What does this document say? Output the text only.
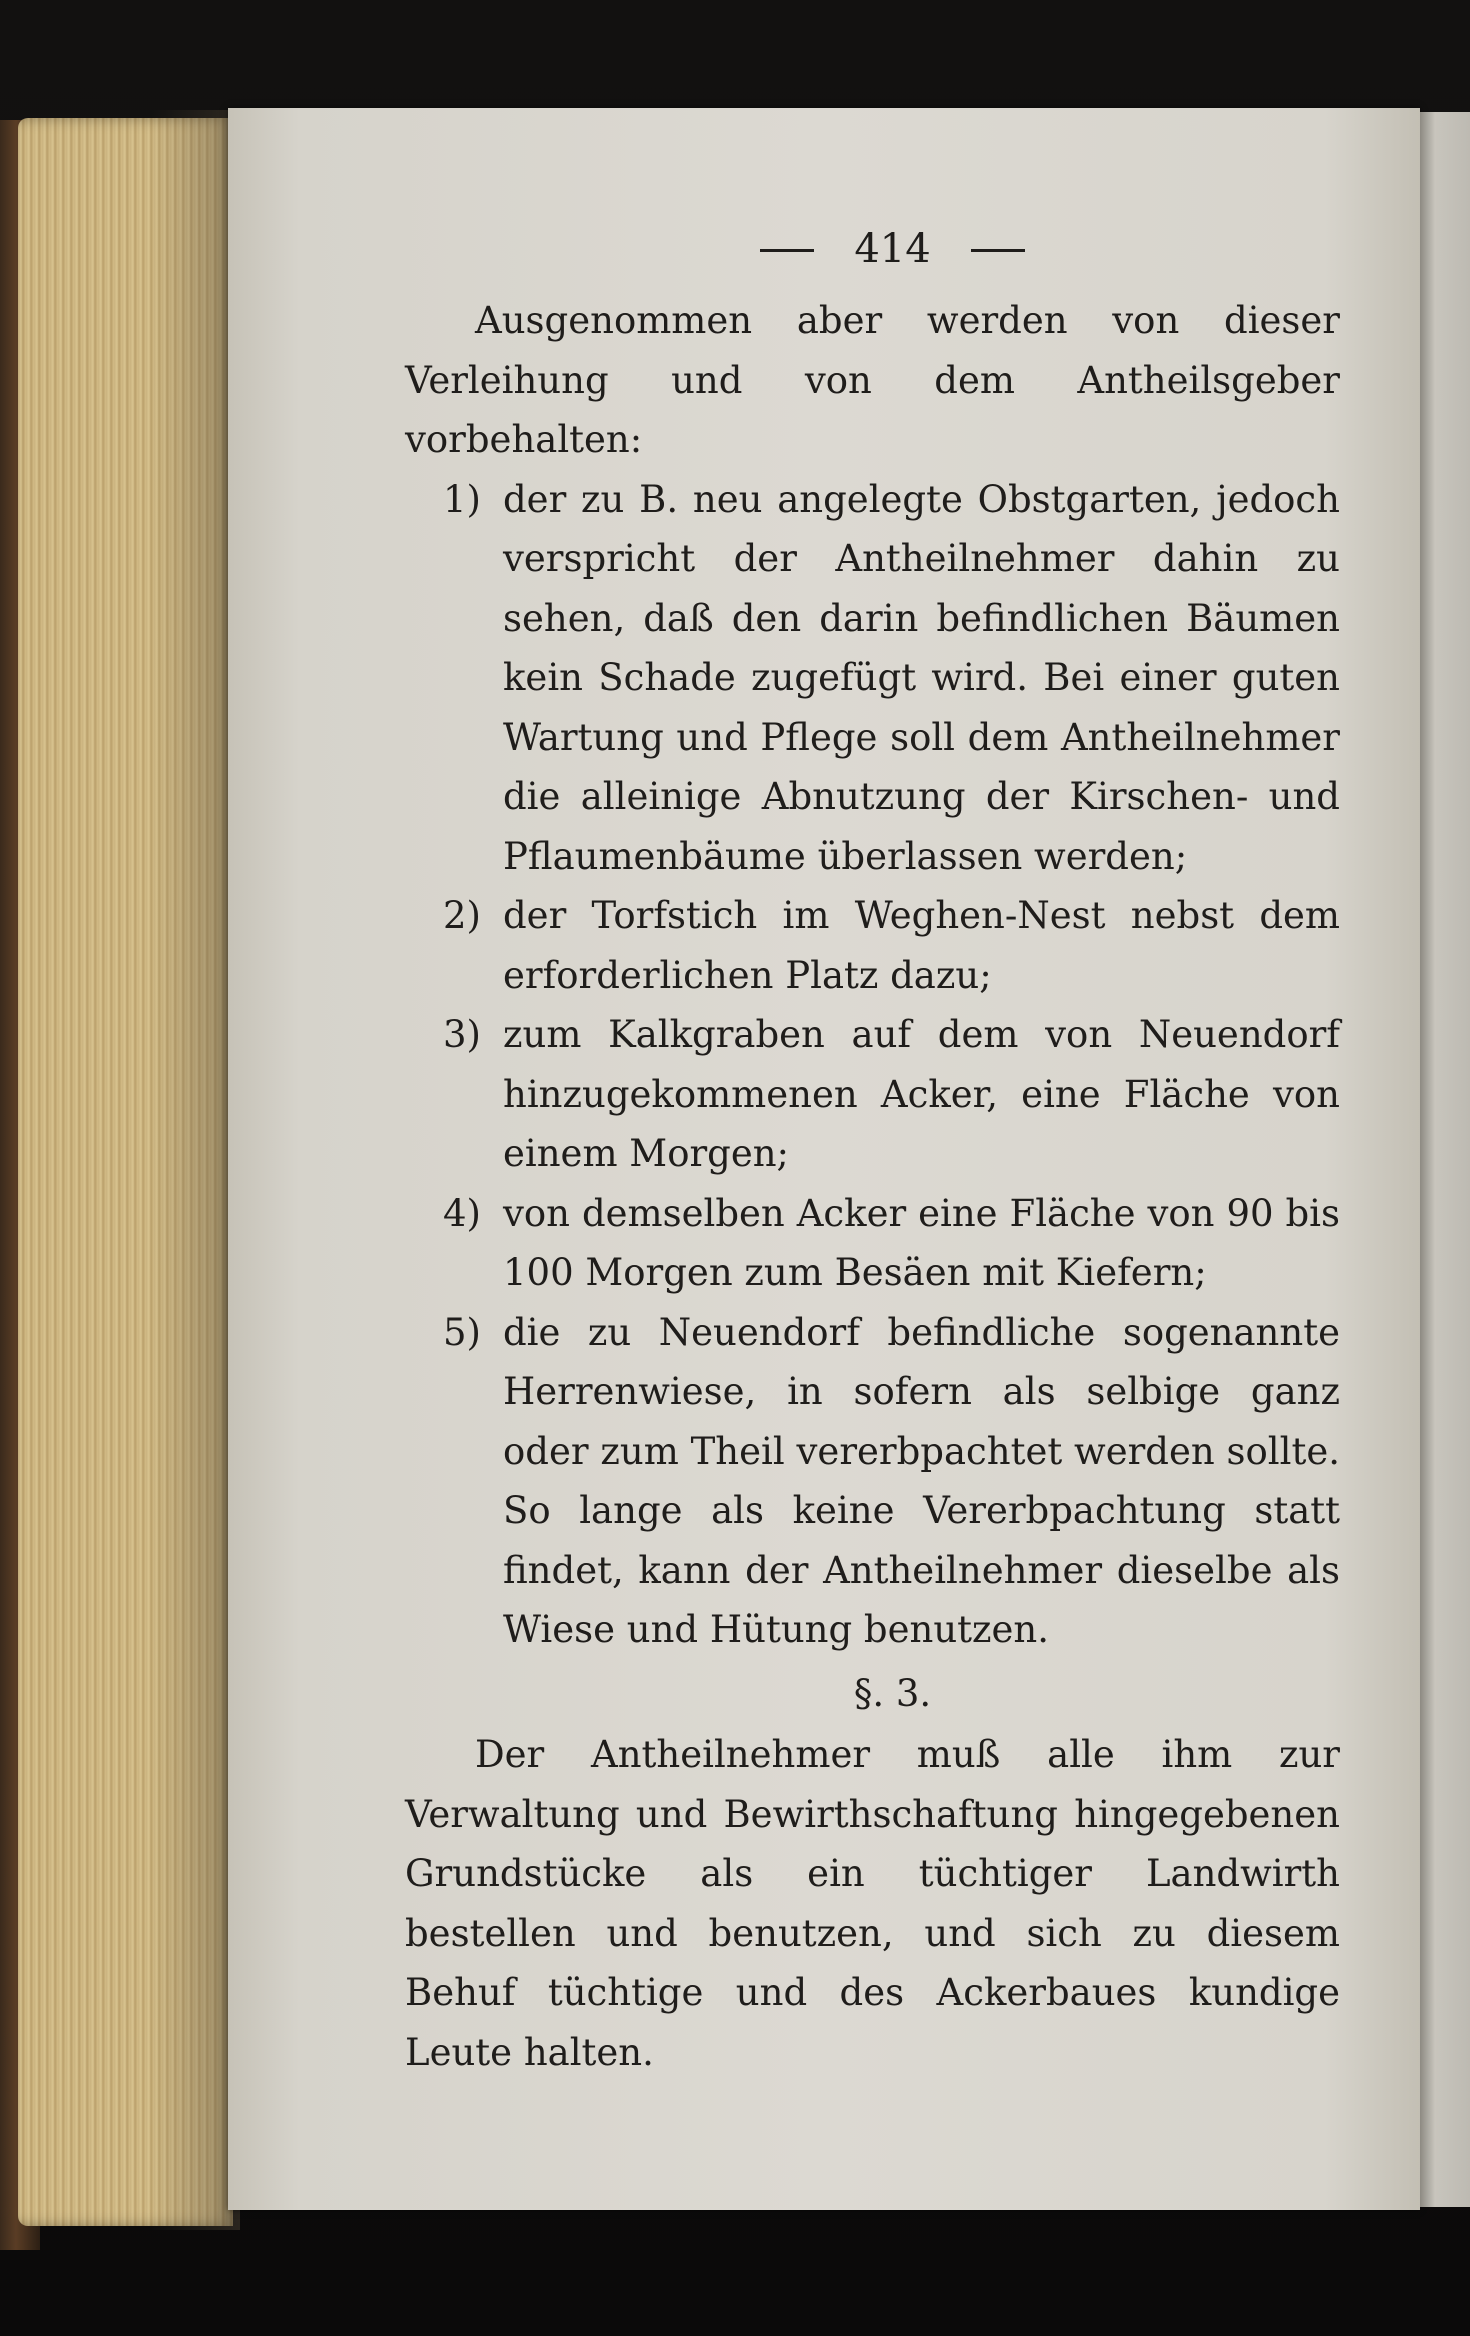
414
Ausgenommen aber werden von dieser Verleihung und von dem Antheilsgeber vorbehalten:
1) der zu B. neu angelegte Obstgarten, jedoch verspricht der Antheilnehmer dahin zu sehen, daß den darin befindlichen Bäumen kein Schade zugefügt wird. Bei einer guten Wartung und Pflege soll dem Antheilnehmer die alleinige Abnutzung der Kirschen- und Pflaumenbäume überlassen werden;
2) der Torfstich im Weghen-Nest nebst dem erforderlichen Platz dazu;
3) zum Kalkgraben auf dem von Neuendorf hinzugekommenen Acker, eine Fläche von einem Morgen;
4) von demselben Acker eine Fläche von 90 bis 100 Morgen zum Besäen mit Kiefern;
5) die zu Neuendorf befindliche sogenannte Herrenwiese, in sofern als selbige ganz oder zum Theil vererbpachtet werden sollte. So lange als keine Vererbpachtung statt findet, kann der Antheilnehmer dieselbe als Wiese und Hütung benutzen.
§. 3.
Der Antheilnehmer muß alle ihm zur Verwaltung und Bewirthschaftung hingegebenen Grundstücke als ein tüchtiger Landwirth bestellen und benutzen, und sich zu diesem Behuf tüchtige und des Ackerbaues kundige Leute halten.
